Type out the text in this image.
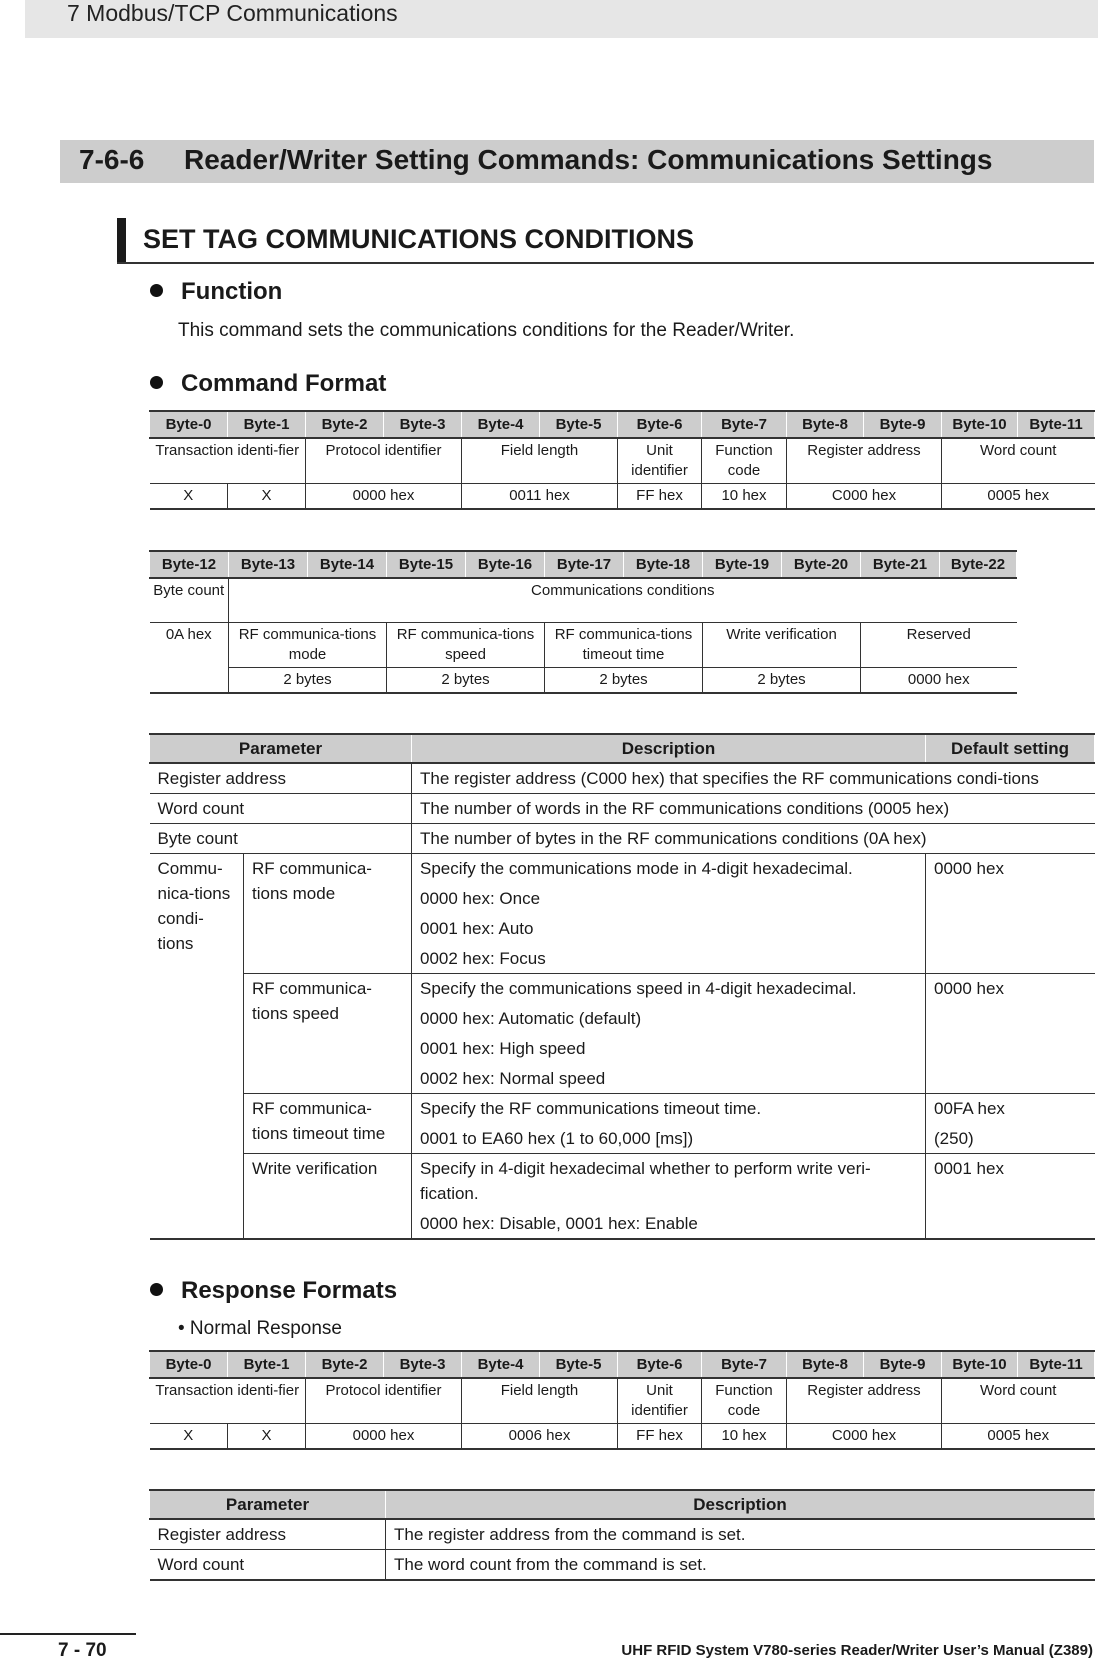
7 Modbus/TCP Communications
7-6-6 Reader/Writer Setting Commands: Communications Settings
SET TAG COMMUNICATIONS CONDITIONS
Function
This command sets the communications conditions for the Reader/Writer.
Command Format
Byte-0	Byte-1	Byte-2	Byte-3	Byte-4	Byte-5	Byte-6	Byte-7	Byte-8	Byte-9	Byte-10	Byte-11
Transaction identi-fier		Protocol identifier		Field length		Unit identifier	Function code	Register address		Word count	
X	X	0000 hex		0011 hex		FF hex	10 hex	C000 hex		0005 hex	
Byte-12	Byte-13	Byte-14	Byte-15	Byte-16	Byte-17	Byte-18	Byte-19	Byte-20	Byte-21	Byte-22
Byte count	Communications conditions									
0A hex	RF communica-tions mode		RF communica-tions speed		RF communica-tions timeout time		Write verification		Reserved	
	2 bytes		2 bytes		2 bytes		2 bytes		0000 hex	
Parameter		Description	Default setting
Register address		The register address (C000 hex) that specifies the RF communications condi-tions	
Word count		The number of words in the RF communications conditions (0005 hex)	
Byte count		The number of bytes in the RF communications conditions (0A hex)	
Commu-nica-tions condi-tions	RF communica-tions mode	Specify the communications mode in 4-digit hexadecimal.
0000 hex: Once
0001 hex: Auto
0002 hex: Focus	0000 hex

	RF communica-tions speed	Specify the communications speed in 4-digit hexadecimal.
0000 hex: Automatic (default)
0001 hex: High speed
0002 hex: Normal speed	0000 hex

	RF communica-tions timeout time	Specify the RF communications timeout time.
0001 to EA60 hex (1 to 60,000 [ms])	00FA hex
(250)

	Write verification	Specify in 4-digit hexadecimal whether to perform write veri-fication.
0000 hex: Disable, 0001 hex: Enable	0001 hex
Response Formats
• Normal Response
Byte-0	Byte-1	Byte-2	Byte-3	Byte-4	Byte-5	Byte-6	Byte-7	Byte-8	Byte-9	Byte-10	Byte-11
Transaction identi-fier		Protocol identifier		Field length		Unit identifier	Function code	Register address		Word count	
X	X	0000 hex		0006 hex		FF hex	10 hex	C000 hex		0005 hex	
Parameter	Description
Register address	The register address from the command is set.
Word count	The word count from the command is set.
7 - 70	UHF RFID System V780-series Reader/Writer User’s Manual (Z389)
